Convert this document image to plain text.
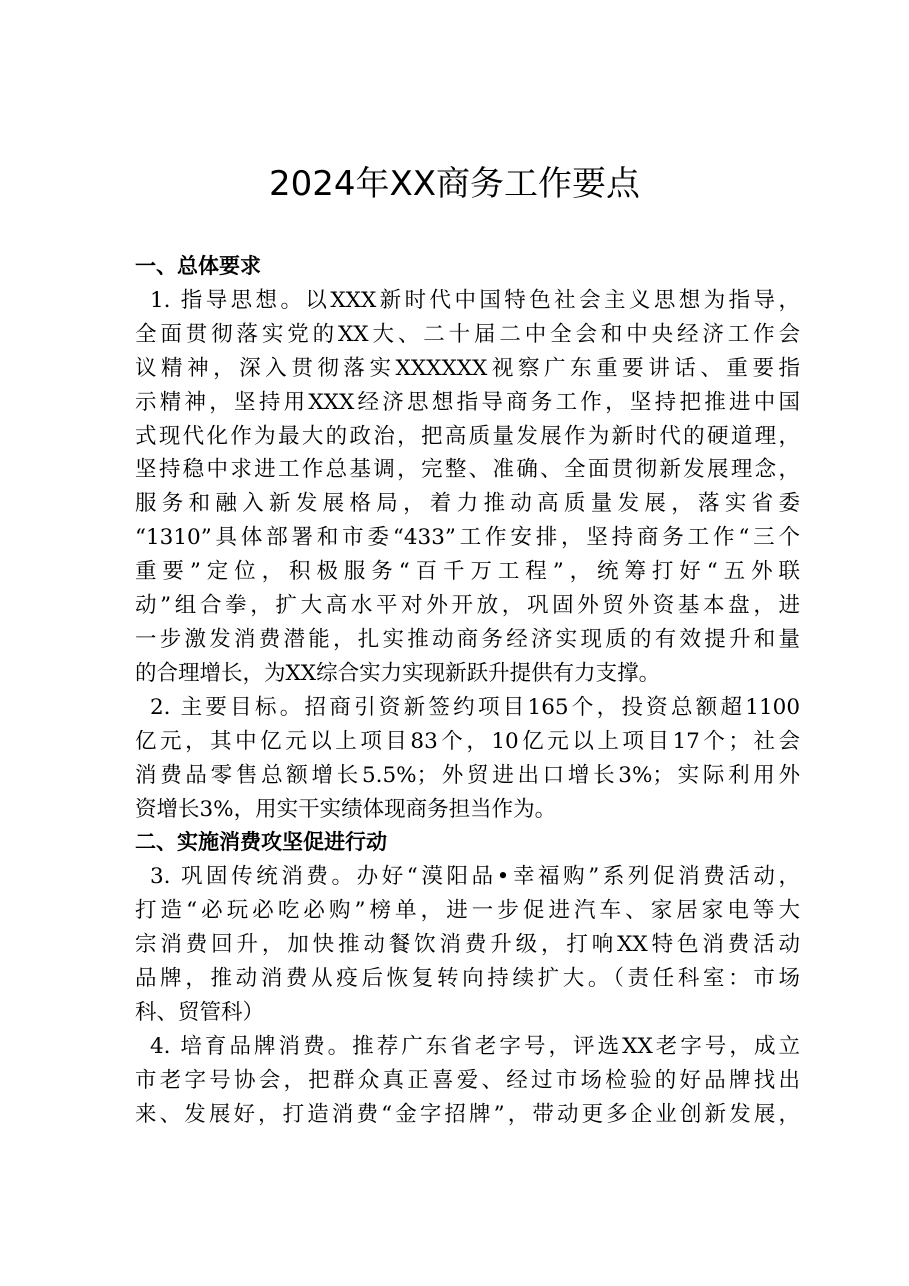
2024年XX商务工作要点

一、总体要求

1. 指导思想。以XXX新时代中国特色社会主义思想为指导，
全面贯彻落实党的XX大、二十届二中全会和中央经济工作会
议精神，深入贯彻落实XXXXXX视察广东重要讲话、重要指
示精神，坚持用XXX经济思想指导商务工作，坚持把推进中国
式现代化作为最大的政治，把高质量发展作为新时代的硬道理，
坚持稳中求进工作总基调，完整、准确、全面贯彻新发展理念，
服务和融入新发展格局，着力推动高质量发展，落实省委
“1310”具体部署和市委“433”工作安排，坚持商务工作“三个
重要”定位，积极服务“百千万工程”，统筹打好“五外联
动”组合拳，扩大高水平对外开放，巩固外贸外资基本盘，进
一步激发消费潜能，扎实推动商务经济实现质的有效提升和量
的合理增长，为XX综合实力实现新跃升提供有力支撑。
2. 主要目标。招商引资新签约项目165个，投资总额超1100
亿元，其中亿元以上项目83个，10亿元以上项目17个；社会
消费品零售总额增长5.5%；外贸进出口增长3%；实际利用外
资增长3%，用实干实绩体现商务担当作为。

二、实施消费攻坚促进行动

3. 巩固传统消费。办好“漠阳品•幸福购”系列促消费活动，
打造“必玩必吃必购”榜单，进一步促进汽车、家居家电等大
宗消费回升，加快推动餐饮消费升级，打响XX特色消费活动
品牌，推动消费从疫后恢复转向持续扩大。（责任科室：市场
科、贸管科）
4. 培育品牌消费。推荐广东省老字号，评选XX老字号，成立
市老字号协会，把群众真正喜爱、经过市场检验的好品牌找出
来、发展好，打造消费“金字招牌”，带动更多企业创新发展，
